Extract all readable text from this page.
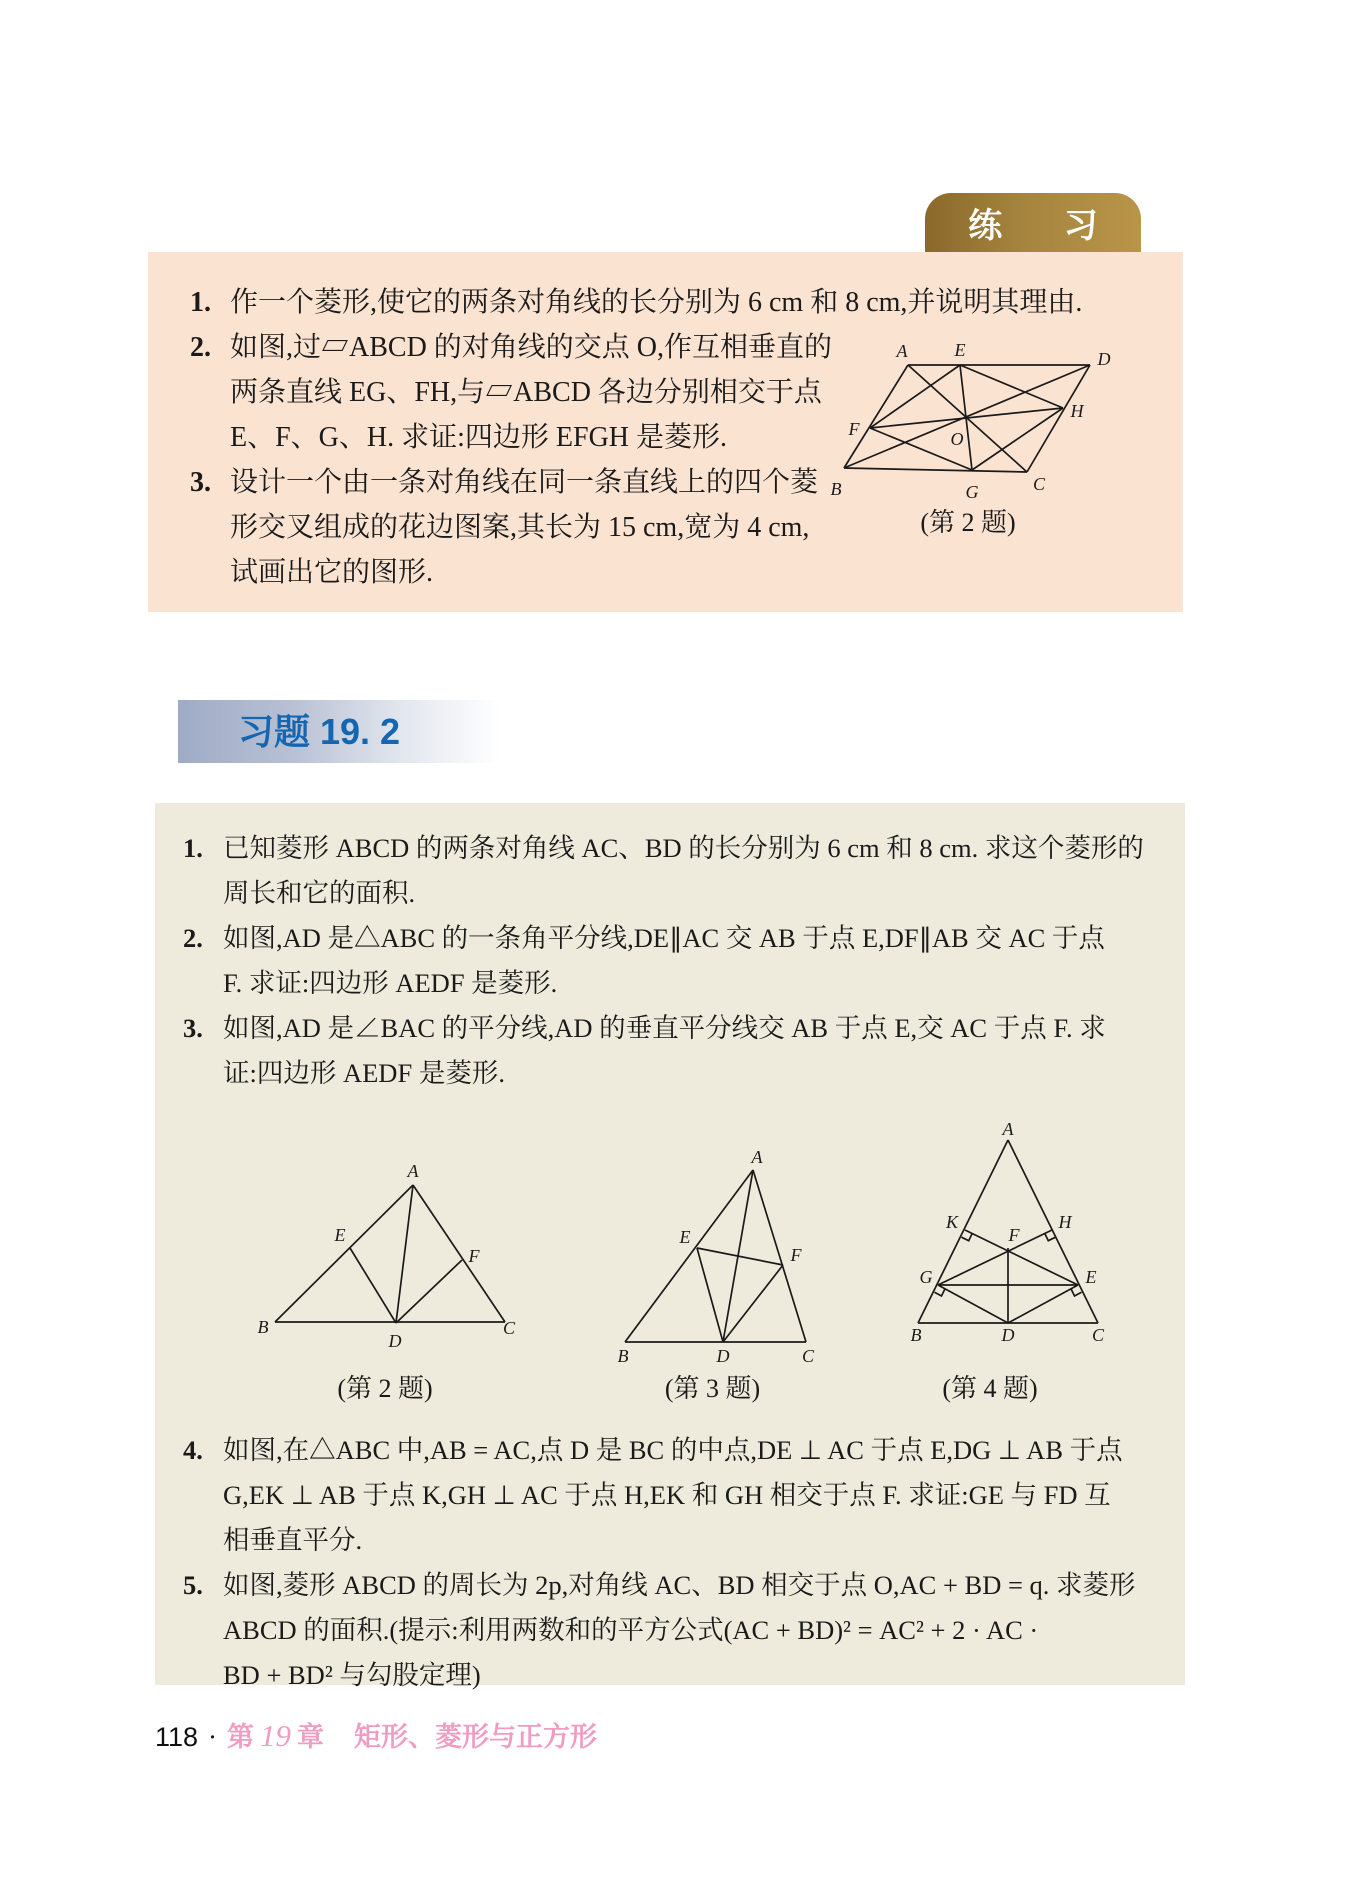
练 习
1. 作一个菱形,使它的两条对角线的长分别为 6 cm 和 8 cm,并说明其理由.
2. 如图,过▱ABCD 的对角线的交点 O,作互相垂直的
两条直线 EG、FH,与▱ABCD 各边分别相交于点
E、F、G、H. 求证:四边形 EFGH 是菱形.
3. 设计一个由一条对角线在同一条直线上的四个菱
形交叉组成的花边图案,其长为 15 cm,宽为 4 cm,
试画出它的图形.
A	E	D
F	O
H
B	G	C
(第 2 题)
习题 19. 2
1. 已知菱形 ABCD 的两条对角线 AC、BD 的长分别为 6 cm 和 8 cm. 求这个菱形的
周长和它的面积.
2. 如图,AD 是△ABC 的一条角平分线,DE∥AC 交 AB 于点 E,DF∥AB 交 AC 于点
F. 求证:四边形 AEDF 是菱形.
3. 如图,AD 是∠BAC 的平分线,AD 的垂直平分线交 AB 于点 E,交 AC 于点 F. 求
证:四边形 AEDF 是菱形.
4. 如图,在△ABC 中,AB = AC,点 D 是 BC 的中点,DE ⊥ AC 于点 E,DG ⊥ AB 于点
G,EK ⊥ AB 于点 K,GH ⊥ AC 于点 H,EK 和 GH 相交于点 F. 求证:GE 与 FD 互
相垂直平分.
5. 如图,菱形 ABCD 的周长为 2p,对角线 AC、BD 相交于点 O,AC + BD = q. 求菱形
ABCD 的面积.(提示:利用两数和的平方公式(AC + BD)² = AC² + 2 · AC ·
BD + BD² 与勾股定理)
A
E
F
B
D
C
(第 2 题)
A
E
F
B	D	C
(第 3 题)
A
K
F
H
G	E
B	D	C
(第 4 题)
118 · 第 19 章 矩形、菱形与正方形
